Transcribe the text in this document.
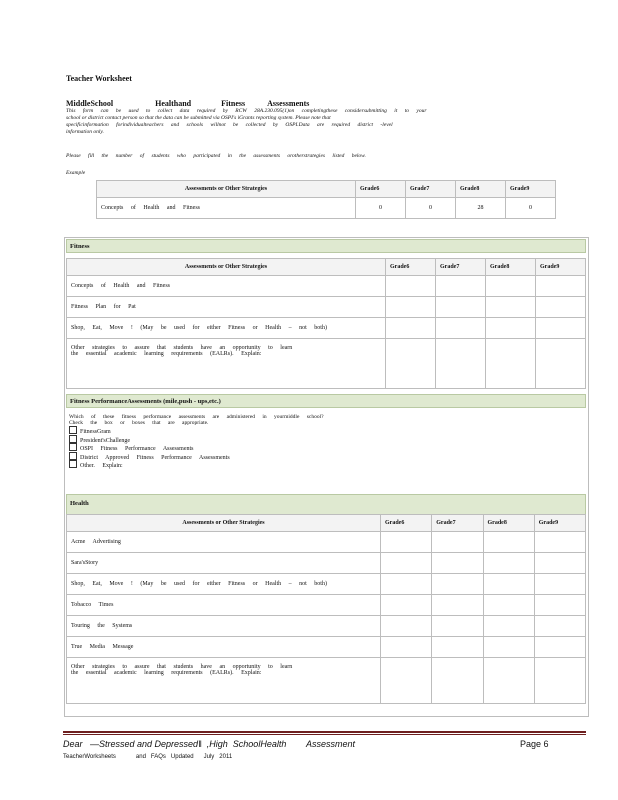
Teacher Worksheet
MiddleSchool	Healthand	Fitness	Assessments
This form can be used to collect data required by RCW 28A.230.095(1)on completingthese considersubmitting it to your
school or district contact person so that the data can be submitted via OSPI's iGrants reporting system. Please note that
specificinformation forindividualteachers and schools willnot be collected by OSPI.Data are required district -level
information only.
Please fill the number of students who participated in the assessments orotherstrategies listed below.
Example
Assessments or Other Strategies	Grade6	Grade7	Grade8	Grade9
Concepts of Health and Fitness	0	0	28	0
Fitness
Assessments or Other Strategies	Grade6	Grade7	Grade8	Grade9
Concepts of Health and Fitness				
Fitness Plan for Pat				
Shop, Eat, Move ! (May be used for either Fitness or Health – not both)				

Other strategies to assure that students have an opportunity to learn
the essential academic learning requirements (EALRs). Explain:				

Fitness PerformanceAssessments (mile,push - ups,etc.)
Which of these fitness performance assessments are administered in yourmiddle school?
Check the box or boxes that are appropriate.
FitnessGram
President'sChallenge
OSPI Fitness Performance Assessments
District Approved Fitness Performance Assessments
Other. Explain:
Health
Assessments or Other Strategies	Grade6	Grade7	Grade8	Grade9
Acme Advertising				
Sara'sStory				
Shop, Eat, Move ! (May be used for either Fitness or Health – not both)				
Tobacco Times				
Touring the Systems				
True Media Message				

Other strategies to assure that students have an opportunity to learn
the essential academic learning requirements (EALRs). Explain:				

Dear   ―Stressed and Depressed‖  ,High  SchoolHealth        Assessment	Page 6
TeacherWorksheets            and   FAQs   Updated      July   2011
